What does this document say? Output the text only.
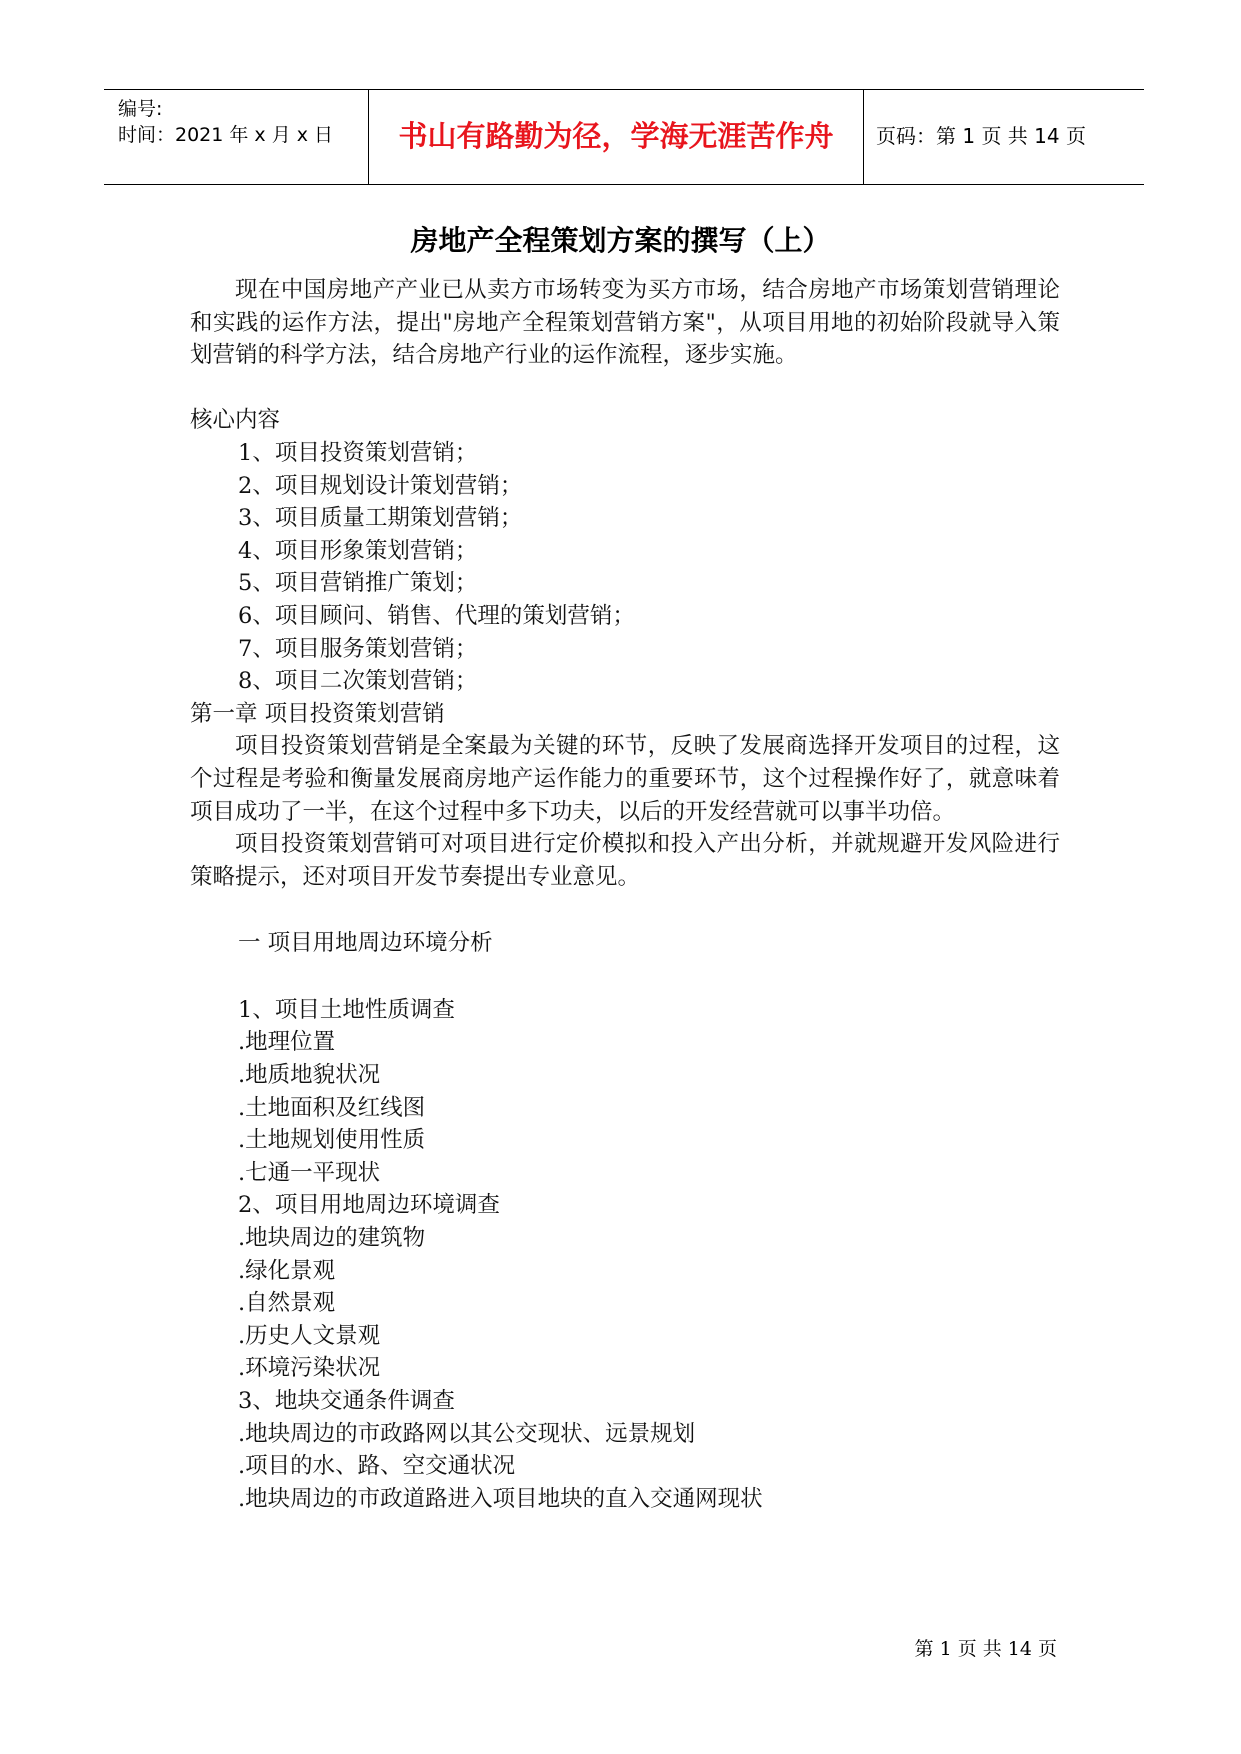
编号:
时间：2021 年 x 月 x 日	书山有路勤为径，学海无涯苦作舟	页码：第 1 页 共 14 页
房地产全程策划方案的撰写（上）

现在中国房地产产业已从卖方市场转变为买方市场，结合房地产市场策划营销理论和实践的运作方法，提出"房地产全程策划营销方案"，从项目用地的初始阶段就导入策划营销的科学方法，结合房地产行业的运作流程，逐步实施。

核心内容

1、项目投资策划营销；

2、项目规划设计策划营销；

3、项目质量工期策划营销；

4、项目形象策划营销；

5、项目营销推广策划；

6、项目顾问、销售、代理的策划营销；

7、项目服务策划营销；

8、项目二次策划营销；

第一章 项目投资策划营销

项目投资策划营销是全案最为关键的环节，反映了发展商选择开发项目的过程，这个过程是考验和衡量发展商房地产运作能力的重要环节，这个过程操作好了，就意味着项目成功了一半，在这个过程中多下功夫，以后的开发经营就可以事半功倍。

项目投资策划营销可对项目进行定价模拟和投入产出分析，并就规避开发风险进行策略提示，还对项目开发节奏提出专业意见。

一 项目用地周边环境分析

1、项目土地性质调查

.地理位置

.地质地貌状况

.土地面积及红线图

.土地规划使用性质

.七通一平现状

2、项目用地周边环境调查

.地块周边的建筑物

.绿化景观

.自然景观

.历史人文景观

.环境污染状况

3、地块交通条件调查

.地块周边的市政路网以其公交现状、远景规划

.项目的水、路、空交通状况

.地块周边的市政道路进入项目地块的直入交通网现状

第 1 页 共 14 页
